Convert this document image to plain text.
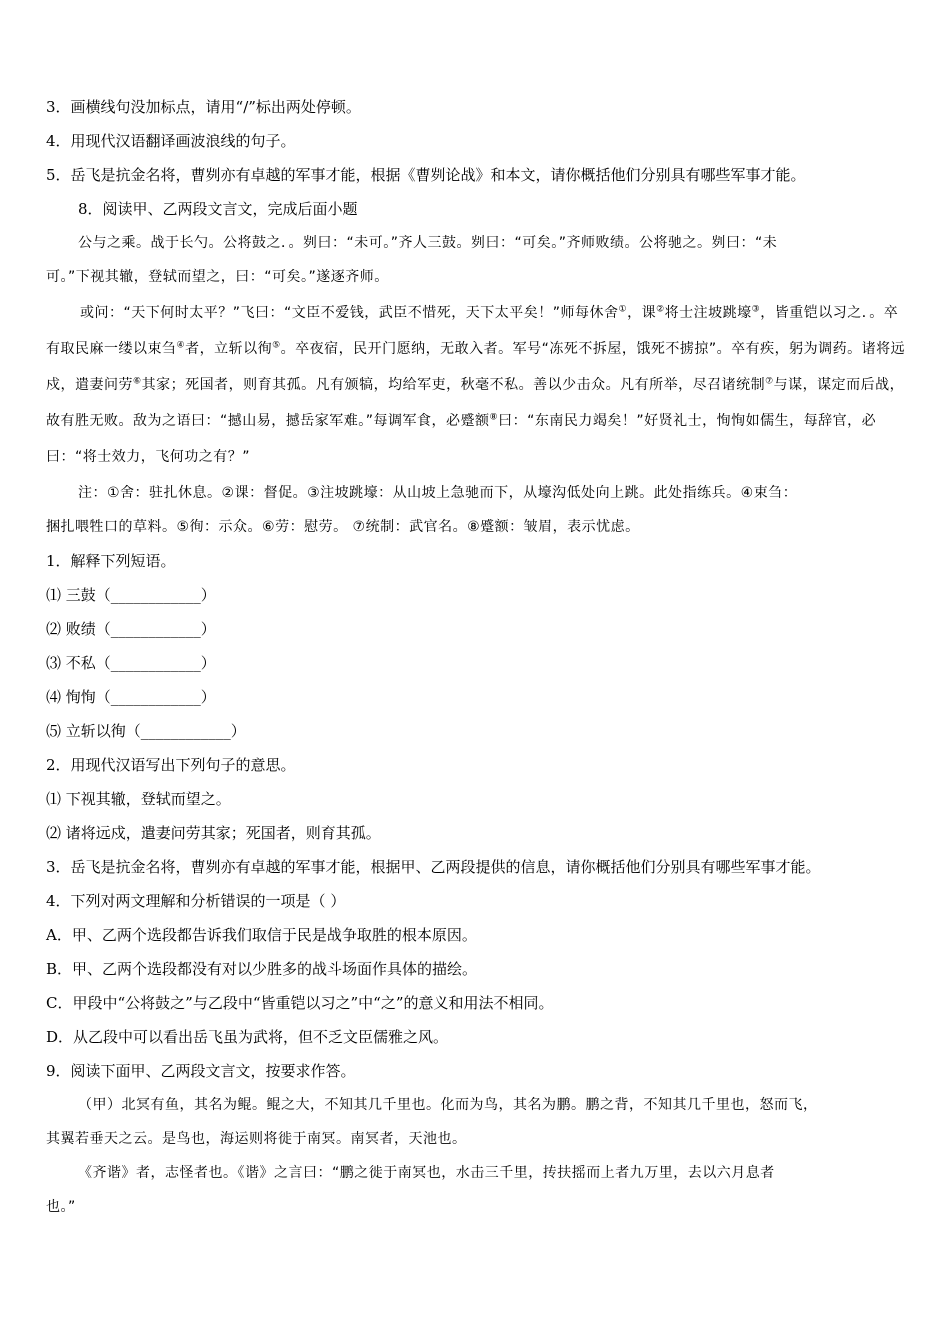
3．画横线句没加标点，请用“/”标出两处停顿。

4．用现代汉语翻译画波浪线的句子。

5．岳飞是抗金名将，曹刿亦有卓越的军事才能，根据《曹刿论战》和本文，请你概括他们分别具有哪些军事才能。

8．阅读甲、乙两段文言文，完成后面小题

公与之乘。战于长勺。公将鼓之．。刿曰：“未可。”齐人三鼓。刿曰：“可矣。”齐师败绩。公将驰之。刿曰：“未

可。”下视其辙，登轼而望之，曰：“可矣。”遂逐齐师。

或问：“天下何时太平？”飞曰：“文臣不爱钱，武臣不惜死，天下太平矣！”师每休舍①，课②将士注坡跳壕③，皆重铠以习之．。卒有取民麻一缕以束刍④者，立斩以徇⑤。卒夜宿，民开门愿纳，无敢入者。军号“冻死不拆屋，饿死不掳掠”。卒有疾，躬为调药。诸将远戍，遣妻问劳⑥其家；死国者，则育其孤。凡有颁犒，均给军吏，秋毫不私。善以少击众。凡有所举，尽召诸统制⑦与谋，谋定而后战，故有胜无败。敌为之语曰：“撼山易，撼岳家军难。”每调军食，必蹙额⑧曰：“东南民力竭矣！”好贤礼士，恂恂如儒生，每辞官，必曰：“将士效力，飞何功之有？”

注：①舍：驻扎休息。②课：督促。③注坡跳壕：从山坡上急驰而下，从壕沟低处向上跳。此处指练兵。④束刍：

捆扎喂牲口的草料。⑤徇：示众。⑥劳：慰劳。 ⑦统制：武官名。⑧蹙额：皱眉，表示忧虑。

1．解释下列短语。

⑴ 三鼓（____________）

⑵ 败绩（____________）

⑶ 不私（____________）

⑷ 恂恂（____________）

⑸ 立斩以徇（____________）

2．用现代汉语写出下列句子的意思。

⑴ 下视其辙，登轼而望之。

⑵ 诸将远戍，遣妻问劳其家；死国者，则育其孤。

3．岳飞是抗金名将，曹刿亦有卓越的军事才能，根据甲、乙两段提供的信息，请你概括他们分别具有哪些军事才能。

4．下列对两文理解和分析错误的一项是（ ）

A．甲、乙两个选段都告诉我们取信于民是战争取胜的根本原因。

B．甲、乙两个选段都没有对以少胜多的战斗场面作具体的描绘。

C．甲段中“公将鼓之”与乙段中“皆重铠以习之”中“之”的意义和用法不相同。

D．从乙段中可以看出岳飞虽为武将，但不乏文臣儒雅之风。

9．阅读下面甲、乙两段文言文，按要求作答。

（甲）北冥有鱼，其名为鲲。鲲之大，不知其几千里也。化而为鸟，其名为鹏。鹏之背，不知其几千里也，怒而飞，

其翼若垂天之云。是鸟也，海运则将徙于南冥。南冥者，天池也。

《齐谐》者，志怪者也。《谐》之言曰：“鹏之徙于南冥也，水击三千里，抟扶摇而上者九万里，去以六月息者

也。”
